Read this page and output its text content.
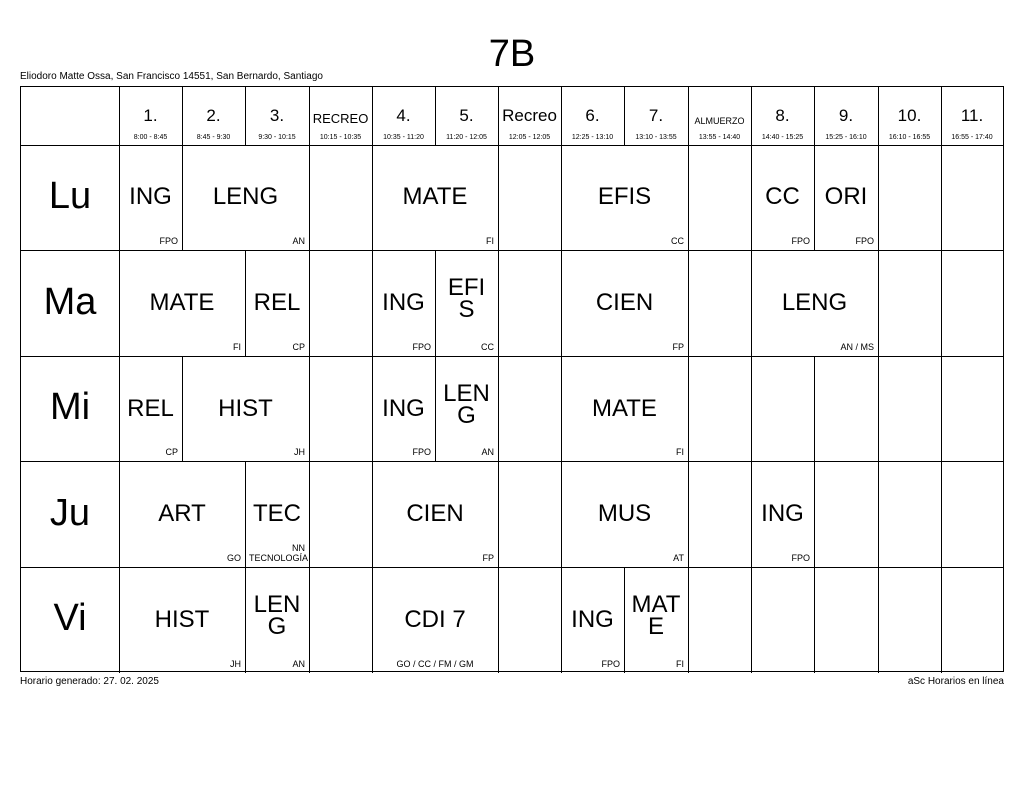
7B
Eliodoro Matte Ossa, San Francisco 14551, San Bernardo, Santiago
1.
8:00 - 8:45
2.
8:45 - 9:30
3.
9:30 - 10:15
RECREO
10:15 - 10:35
4.
10:35 - 11:20
5.
11:20 - 12:05
Recreo
12:05 - 12:05
6.
12:25 - 13:10
7.
13:10 - 13:55
ALMUERZO
13:55 - 14:40
8.
14:40 - 15:25
9.
15:25 - 16:10
10.
16:10 - 16:55
11.
16:55 - 17:40
Lu
Ma
Mi
Ju
Vi
ING
FPO
LENG
AN
MATE
FI
EFIS
CC
CC
FPO
ORI
FPO
MATE
FI
REL
CP
ING
FPO
EFIS
CC
CIEN
FP
LENG
AN / MS
REL
CP
HIST
JH
ING
FPO
LENG
AN
MATE
FI
ART
GO
TEC
NN TECNOLOGÍA
CIEN
FP
MUS
AT
ING
FPO
HIST
JH
LENG
AN
CDI 7
GO / CC / FM / GM
ING
FPO
MATE
FI
Horario generado: 27. 02. 2025	aSc Horarios en línea
